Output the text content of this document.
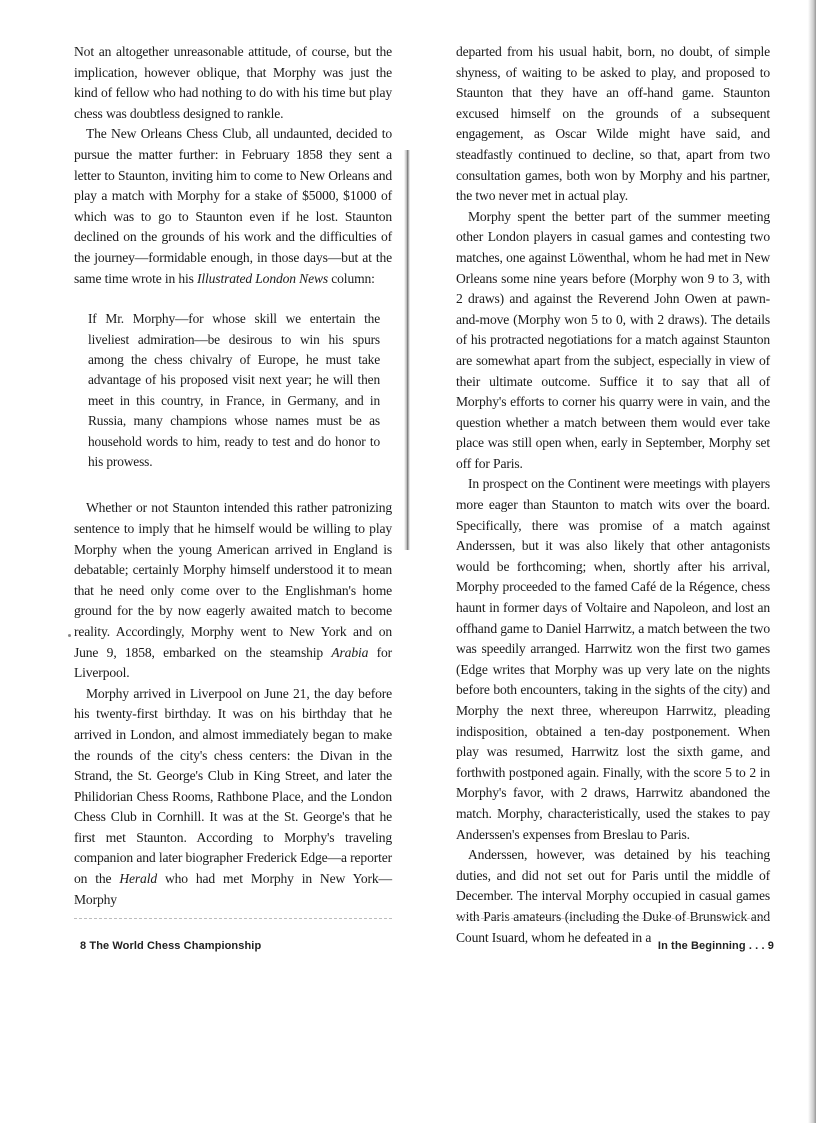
Not an altogether unreasonable attitude, of course, but the implication, however oblique, that Morphy was just the kind of fellow who had nothing to do with his time but play chess was doubtless designed to rankle.

The New Orleans Chess Club, all undaunted, decided to pursue the matter further: in February 1858 they sent a letter to Staunton, inviting him to come to New Orleans and play a match with Morphy for a stake of $5000, $1000 of which was to go to Staunton even if he lost. Staunton declined on the grounds of his work and the difficulties of the journey—formidable enough, in those days—but at the same time wrote in his Illustrated London News column:

If Mr. Morphy—for whose skill we entertain the liveliest admiration—be desirous to win his spurs among the chess chivalry of Europe, he must take advantage of his proposed visit next year; he will then meet in this country, in France, in Germany, and in Russia, many champions whose names must be as household words to him, ready to test and do honor to his prowess.

Whether or not Staunton intended this rather patronizing sentence to imply that he himself would be willing to play Morphy when the young American arrived in England is debatable; certainly Morphy himself understood it to mean that he need only come over to the Englishman's home ground for the by now eagerly awaited match to become reality. Accordingly, Morphy went to New York and on June 9, 1858, embarked on the steamship Arabia for Liverpool.

Morphy arrived in Liverpool on June 21, the day before his twenty-first birthday. It was on his birthday that he arrived in London, and almost immediately began to make the rounds of the city's chess centers: the Divan in the Strand, the St. George's Club in King Street, and later the Philidorian Chess Rooms, Rathbone Place, and the London Chess Club in Cornhill. It was at the St. George's that he first met Staunton. According to Morphy's traveling companion and later biographer Frederick Edge—a reporter on the Herald who had met Morphy in New York—Morphy

8 The World Chess Championship

departed from his usual habit, born, no doubt, of simple shyness, of waiting to be asked to play, and proposed to Staunton that they have an off-hand game. Staunton excused himself on the grounds of a subsequent engagement, as Oscar Wilde might have said, and steadfastly continued to decline, so that, apart from two consultation games, both won by Morphy and his partner, the two never met in actual play.

Morphy spent the better part of the summer meeting other London players in casual games and contesting two matches, one against Löwenthal, whom he had met in New Orleans some nine years before (Morphy won 9 to 3, with 2 draws) and against the Reverend John Owen at pawn-and-move (Morphy won 5 to 0, with 2 draws). The details of his protracted negotiations for a match against Staunton are somewhat apart from the subject, especially in view of their ultimate outcome. Suffice it to say that all of Morphy's efforts to corner his quarry were in vain, and the question whether a match between them would ever take place was still open when, early in September, Morphy set off for Paris.

In prospect on the Continent were meetings with players more eager than Staunton to match wits over the board. Specifically, there was promise of a match against Anderssen, but it was also likely that other antagonists would be forthcoming; when, shortly after his arrival, Morphy proceeded to the famed Café de la Régence, chess haunt in former days of Voltaire and Napoleon, and lost an offhand game to Daniel Harrwitz, a match between the two was speedily arranged. Harrwitz won the first two games (Edge writes that Morphy was up very late on the nights before both encounters, taking in the sights of the city) and Morphy the next three, whereupon Harrwitz, pleading indisposition, obtained a ten-day postponement. When play was resumed, Harrwitz lost the sixth game, and forthwith postponed again. Finally, with the score 5 to 2 in Morphy's favor, with 2 draws, Harrwitz abandoned the match. Morphy, characteristically, used the stakes to pay Anderssen's expenses from Breslau to Paris.

Anderssen, however, was detained by his teaching duties, and did not set out for Paris until the middle of December. The interval Morphy occupied in casual games with Paris amateurs (including the Duke of Brunswick and Count Isuard, whom he defeated in a

In the Beginning . . . 9
